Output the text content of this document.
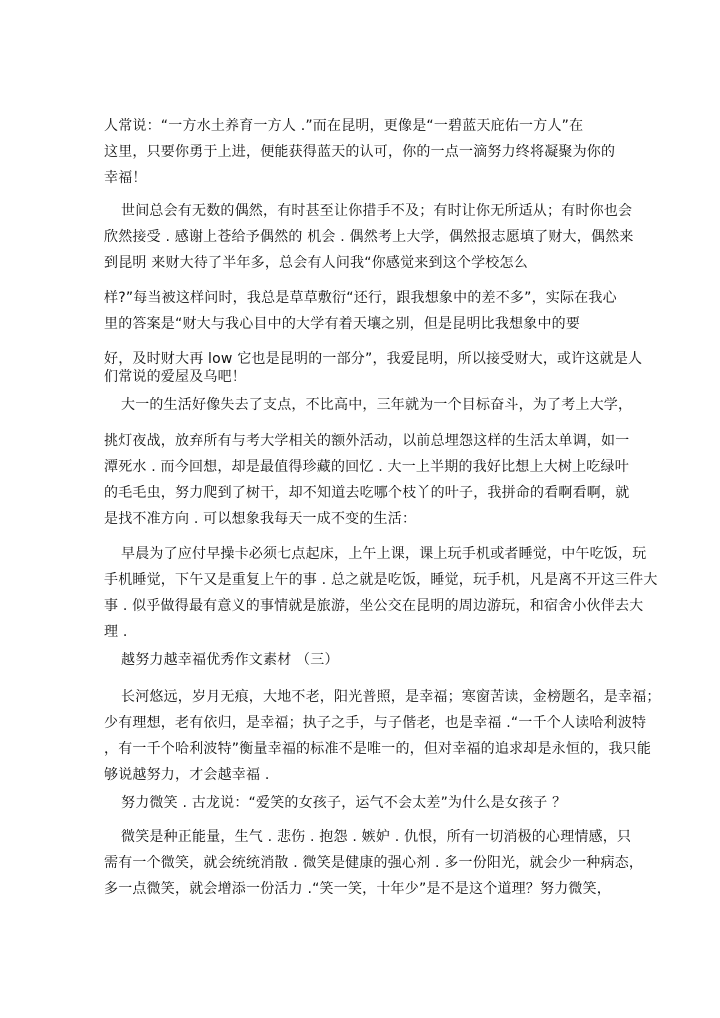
人常说：“一方水土养育一方人 .”而在昆明，更像是“一碧蓝天庇佑一方人”在
这里，只要你勇于上进，便能获得蓝天的认可，你的一点一滴努力终将凝聚为你的
幸福！
世间总会有无数的偶然，有时甚至让你措手不及；有时让你无所适从；有时你也会
欣然接受 . 感谢上苍给予偶然的 机会 . 偶然考上大学，偶然报志愿填了财大，偶然来
到昆明 来财大待了半年多，总会有人问我“你感觉来到这个学校怎么
样?”每当被这样问时，我总是草草敷衍“还行，跟我想象中的差不多”，实际在我心
里的答案是“财大与我心目中的大学有着天壤之别，但是昆明比我想象中的要
好，及时财大再 low 它也是昆明的一部分”，我爱昆明，所以接受财大，或许这就是人
们常说的爱屋及乌吧！
大一的生活好像失去了支点，不比高中，三年就为一个目标奋斗，为了考上大学，
挑灯夜战，放弃所有与考大学相关的额外活动，以前总埋怨这样的生活太单调，如一
潭死水 . 而今回想，却是最值得珍藏的回忆 . 大一上半期的我好比想上大树上吃绿叶
的毛毛虫，努力爬到了树干，却不知道去吃哪个枝丫的叶子，我拼命的看啊看啊，就
是找不准方向 . 可以想象我每天一成不变的生活：
早晨为了应付早操卡必须七点起床，上午上课，课上玩手机或者睡觉，中午吃饭，玩
手机睡觉，下午又是重复上午的事 . 总之就是吃饭，睡觉，玩手机，凡是离不开这三件大
事 . 似乎做得最有意义的事情就是旅游，坐公交在昆明的周边游玩，和宿舍小伙伴去大
理 .
越努力越幸福优秀作文素材 （三）
长河悠远，岁月无痕，大地不老，阳光普照，是幸福；寒窗苦读，金榜题名，是幸福；
少有理想，老有依归，是幸福；执子之手，与子偕老，也是幸福 .“一千个人读哈利波特
，有一千个哈利波特”衡量幸福的标准不是唯一的，但对幸福的追求却是永恒的，我只能
够说越努力，才会越幸福 .
努力微笑 . 古龙说：“爱笑的女孩子，运气不会太差”为什么是女孩子 ？
微笑是种正能量，生气 . 悲伤 . 抱怨 . 嫉妒 . 仇恨，所有一切消极的心理情感，只
需有一个微笑，就会统统消散 . 微笑是健康的强心剂 . 多一份阳光，就会少一种病态，
多一点微笑，就会增添一份活力 .“笑一笑，十年少”是不是这个道理？努力微笑，
